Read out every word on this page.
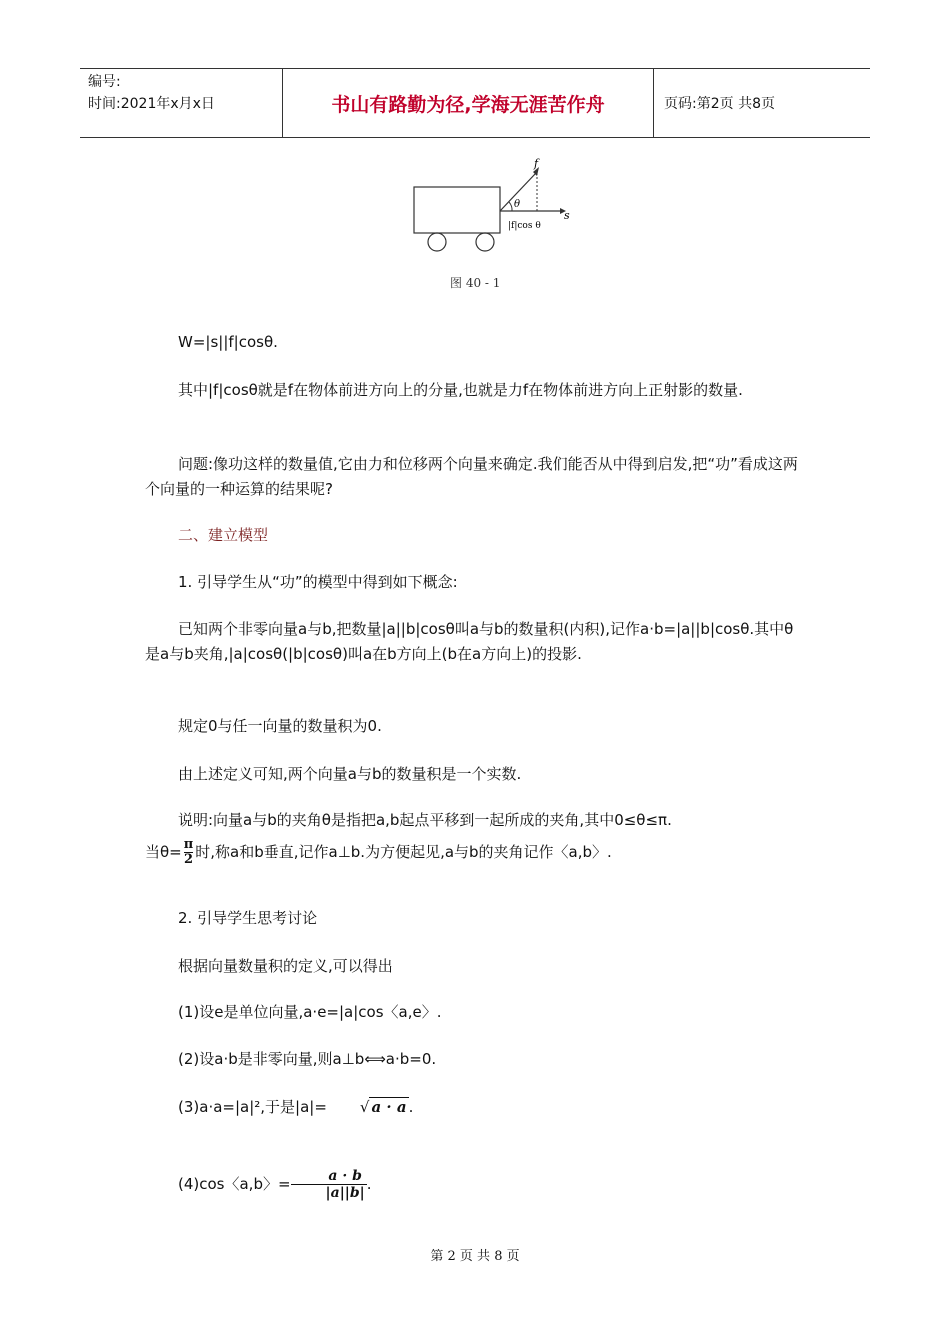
编号:
时间:2021年x月x日	书山有路勤为径,学海无涯苦作舟	页码:第2页 共8页
f
θ
s
|f|cos θ
图 40 - 1
W=|s||f|cosθ.
其中|f|cosθ就是f在物体前进方向上的分量,也就是力f在物体前进方向上正射影的数量.
问题:像功这样的数量值,它由力和位移两个向量来确定.我们能否从中得到启发,把“功”看成这两个向量的一种运算的结果呢?
二、建立模型
1. 引导学生从“功”的模型中得到如下概念:
已知两个非零向量a与b,把数量|a||b|cosθ叫a与b的数量积(内积),记作a·b=|a||b|cosθ.其中θ是a与b夹角,|a|cosθ(|b|cosθ)叫a在b方向上(b在a方向上)的投影.
规定0与任一向量的数量积为0.
由上述定义可知,两个向量a与b的数量积是一个实数.
说明:向量a与b的夹角θ是指把a,b起点平移到一起所成的夹角,其中0≤θ≤π.
当$\theta= \frac{\pi}{2}$ 时,称a和b垂直,记作a⊥b.为方便起见,a与b的夹角记作〈a,b〉.
2. 引导学生思考讨论
根据向量数量积的定义,可以得出
(1)设e是单位向量,a·e=|a|cos〈a,e〉.
(2)设a·b是非零向量,则a⊥b⟺a·b=0.
(3)a·a=|a|²,于是|a|= √ a · a .
(4)cos〈a,b〉= $\frac{a \cdot b}{|a||b|}$ .
第 2 页 共 8 页
